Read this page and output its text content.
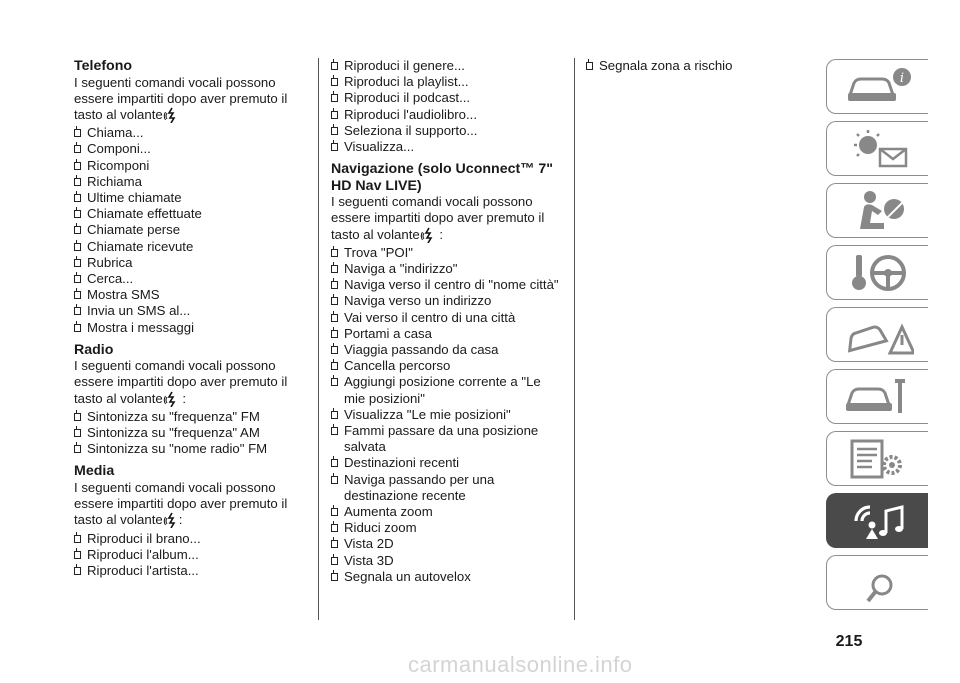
Telefono

I seguenti comandi vocali possono essere impartiti dopo aver premuto il tasto al volante

Chiama...
Componi...
Ricomponi
Richiama
Ultime chiamate
Chiamate effettuate
Chiamate perse
Chiamate ricevute
Rubrica
Cerca...
Mostra SMS
Invia un SMS al...
Mostra i messaggi
Radio

I seguenti comandi vocali possono essere impartiti dopo aver premuto il tasto al volante :

Sintonizza su "frequenza" FM
Sintonizza su "frequenza" AM
Sintonizza su "nome radio" FM
Media

I seguenti comandi vocali possono essere impartiti dopo aver premuto il tasto al volante :

Riproduci il brano...
Riproduci l'album...
Riproduci l'artista...
Riproduci il genere...
Riproduci la playlist...
Riproduci il podcast...
Riproduci l'audiolibro...
Seleziona il supporto...
Visualizza...
Navigazione (solo Uconnect™ 7" HD Nav LIVE)

I seguenti comandi vocali possono essere impartiti dopo aver premuto il tasto al volante :

Trova "POI"
Naviga a "indirizzo"
Naviga verso il centro di "nome città"
Naviga verso un indirizzo
Vai verso il centro di una città
Portami a casa
Viaggia passando da casa
Cancella percorso
Aggiungi posizione corrente a "Le mie posizioni"
Visualizza "Le mie posizioni"
Fammi passare da una posizione salvata
Destinazioni recenti
Naviga passando per una destinazione recente
Aumenta zoom
Riduci zoom
Vista 2D
Vista 3D
Segnala un autovelox
Segnala zona a rischio
i
215
carmanualsonline.info
